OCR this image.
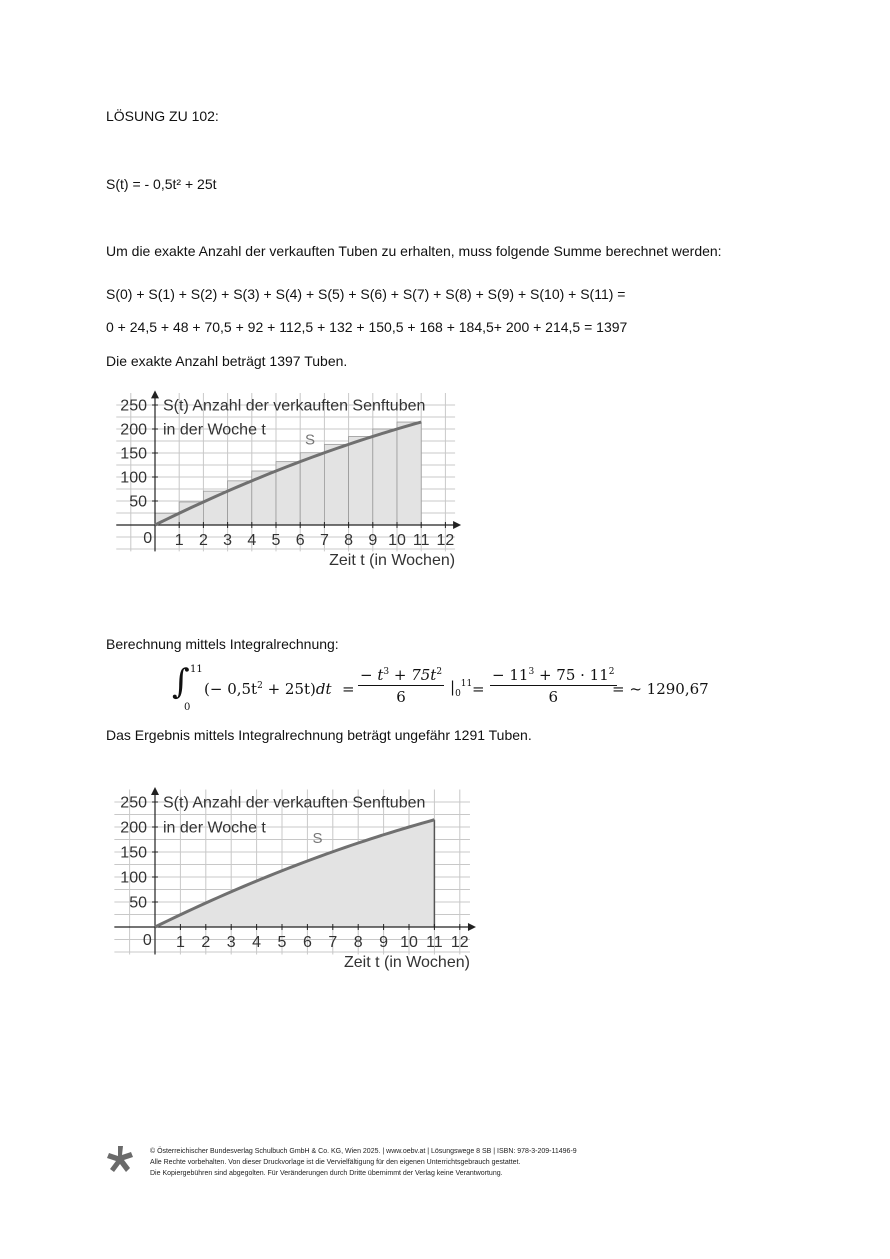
LÖSUNG ZU 102:
S(t) = - 0,5t² + 25t
Um die exakte Anzahl der verkauften Tuben zu erhalten, muss folgende Summe berechnet werden:
S(0) + S(1) + S(2) + S(3) + S(4) + S(5) + S(6) + S(7) + S(8) + S(9) + S(10) + S(11) =
0 + 24,5 + 48 + 70,5 + 92 + 112,5 + 132 + 150,5 + 168 + 184,5+ 200 + 214,5 = 1397
Die exakte Anzahl beträgt 1397 Tuben.
1 2 3 4 5 6 7 8 9 10 11 12
50
100
150
200
250
0
S(t) Anzahl der verkauften Senftuben
in der Woche t
S
Zeit t (in Wochen)
Berechnung mittels Integralrechnung:
∫ 11
0
(− $0,5t^2 + 25t)dt = \frac{- t^3 + 75t^2}{6} |_0^{11} = \frac{- 11^3 + 75 \cdot 11^2}{6}$
= ~ 1290,67
Das Ergebnis mittels Integralrechnung beträgt ungefähr 1291 Tuben.
1 2 3 4 5 6 7 8 9 10 11 12
50
100
150
200
250
0
S(t) Anzahl der verkauften Senftuben
in der Woche t
S
Zeit t (in Wochen)
© Österreichischer Bundesverlag Schulbuch GmbH & Co. KG, Wien 2025. | www.oebv.at | Lösungswege 8 SB | ISBN: 978-3-209-11496-9
Alle Rechte vorbehalten. Von dieser Druckvorlage ist die Vervielfältigung für den eigenen Unterrichtsgebrauch gestattet.
Die Kopiergebühren sind abgegolten. Für Veränderungen durch Dritte übernimmt der Verlag keine Verantwortung.
